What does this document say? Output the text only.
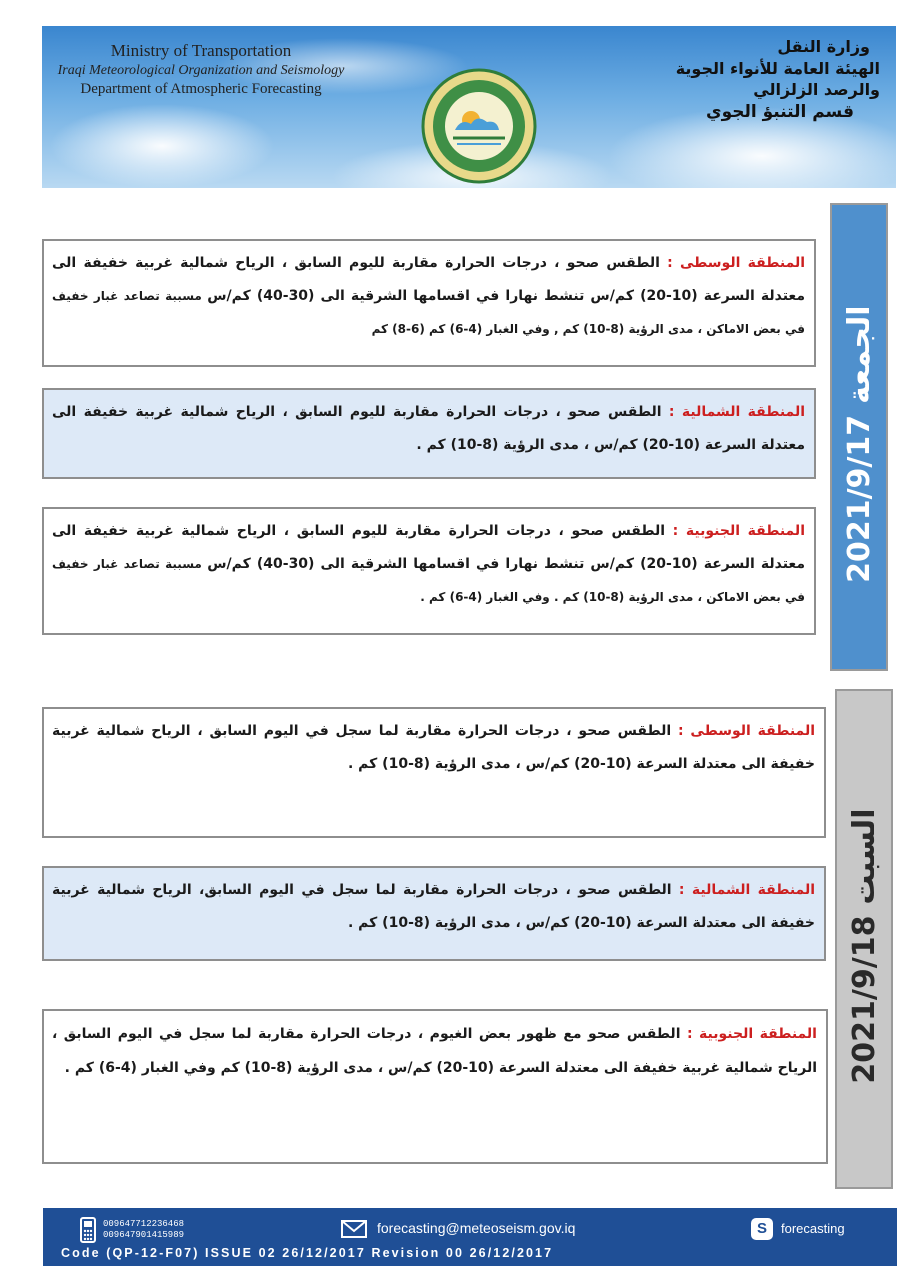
Ministry of Transportation
Iraqi Meteorological Organization and Seismology
Department of Atmospheric Forecasting
وزارة النقل
الهيئة العامة للأنواء الجوية والرصد الزلزالي
قسم التنبؤ الجوي
2021/9/17 الجمعة
المنطقة الوسطى : الطقس صحو ، درجات الحرارة مقاربة لليوم السابق ، الرياح شمالية غربية خفيفة الى معتدلة السرعة (10-20) كم/س تنشط نهارا في اقسامها الشرقية الى (30-40) كم/س مسببة تصاعد غبار خفيف في بعض الاماكن ، مدى الرؤية (8-10) كم , وفي الغبار (4-6) كم (6-8) كم
المنطقة الشمالية : الطقس صحو ، درجات الحرارة مقاربة لليوم السابق ، الرياح شمالية غربية خفيفة الى معتدلة السرعة (10-20) كم/س ، مدى الرؤية (8-10) كم .
المنطقة الجنوبية : الطقس صحو ، درجات الحرارة مقاربة لليوم السابق ، الرياح شمالية غربية خفيفة الى معتدلة السرعة (10-20) كم/س تنشط نهارا في اقسامها الشرقية الى (30-40) كم/س مسببة تصاعد غبار خفيف في بعض الاماكن ، مدى الرؤية (8-10) كم . وفي الغبار (4-6) كم .
2021/9/18 السبت
المنطقة الوسطى : الطقس صحو ، درجات الحرارة مقاربة لما سجل في اليوم السابق ، الرياح شمالية غربية خفيفة الى معتدلة السرعة (10-20) كم/س ، مدى الرؤية (8-10) كم .
المنطقة الشمالية : الطقس صحو ، درجات الحرارة مقاربة لما سجل في اليوم السابق، الرياح شمالية غربية خفيفة الى معتدلة السرعة (10-20) كم/س ، مدى الرؤية (8-10) كم .
المنطقة الجنوبية : الطقس صحو مع ظهور بعض الغيوم ، درجات الحرارة مقاربة لما سجل في اليوم السابق ، الرياح شمالية غربية خفيفة الى معتدلة السرعة (10-20) كم/س ، مدى الرؤية (8-10) كم وفي الغبار (4-6) كم .
009647712236468
009647901415989	forecasting@meteoseism.gov.iq	S	forecasting
Code (QP-12-F07) ISSUE 02 26/12/2017 Revision 00 26/12/2017
